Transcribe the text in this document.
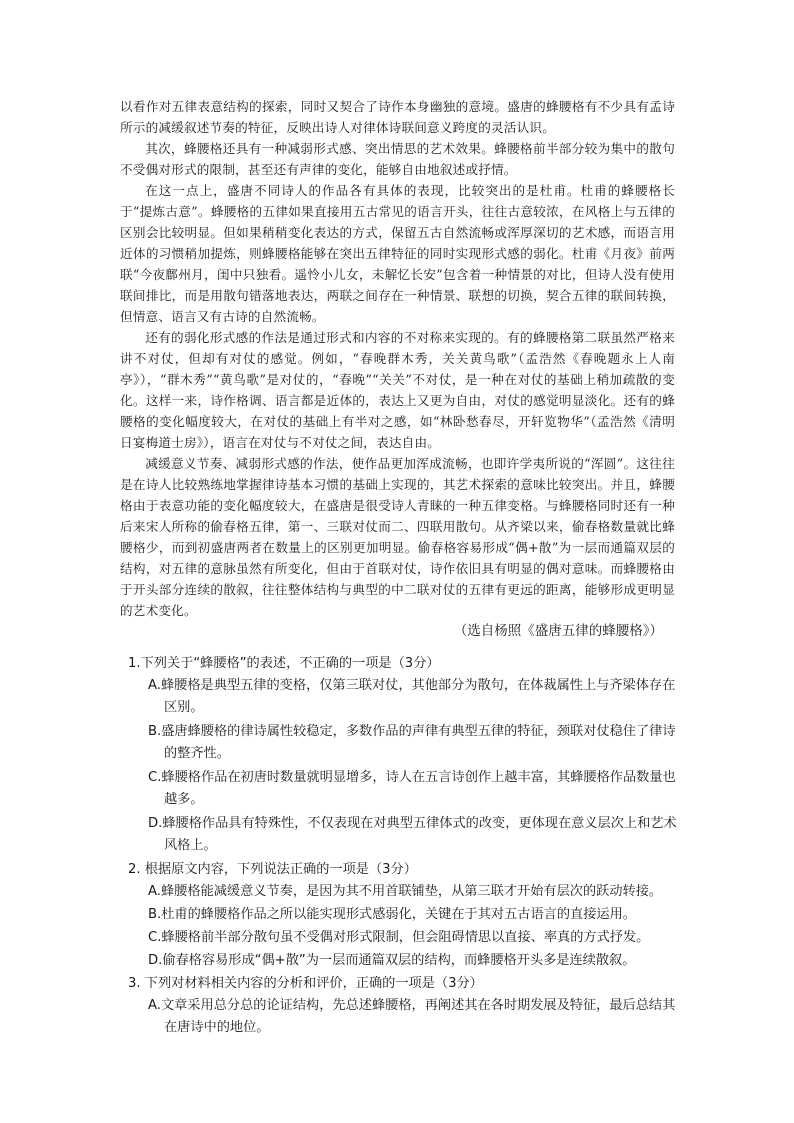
以看作对五律表意结构的探索，同时又契合了诗作本身幽独的意境。盛唐的蜂腰格有不少具有孟诗所示的减缓叙述节奏的特征，反映出诗人对律体诗联间意义跨度的灵活认识。

其次，蜂腰格还具有一种减弱形式感、突出情思的艺术效果。蜂腰格前半部分较为集中的散句不受偶对形式的限制，甚至还有声律的变化，能够自由地叙述或抒情。

在这一点上，盛唐不同诗人的作品各有具体的表现，比较突出的是杜甫。杜甫的蜂腰格长于“提炼古意”。蜂腰格的五律如果直接用五古常见的语言开头，往往古意较浓，在风格上与五律的区别会比较明显。但如果稍稍变化表达的方式，保留五古自然流畅或浑厚深切的艺术感，而语言用近体的习惯稍加提炼，则蜂腰格能够在突出五律特征的同时实现形式感的弱化。杜甫《月夜》前两联“今夜鄜州月，闺中只独看。遥怜小儿女，未解忆长安”包含着一种情景的对比，但诗人没有使用联间排比，而是用散句错落地表达，两联之间存在一种情景、联想的切换，契合五律的联间转换，但情意、语言又有古诗的自然流畅。

还有的弱化形式感的作法是通过形式和内容的不对称来实现的。有的蜂腰格第二联虽然严格来讲不对仗，但却有对仗的感觉。例如，“春晚群木秀，关关黄鸟歌”（孟浩然《春晚题永上人南亭》），“群木秀”“黄鸟歌”是对仗的，“春晚”“关关”不对仗，是一种在对仗的基础上稍加疏散的变化。这样一来，诗作格调、语言都是近体的，表达上又更为自由，对仗的感觉明显淡化。还有的蜂腰格的变化幅度较大，在对仗的基础上有半对之感，如“林卧愁春尽，开轩览物华”（孟浩然《清明日宴梅道士房》），语言在对仗与不对仗之间，表达自由。

减缓意义节奏、减弱形式感的作法，使作品更加浑成流畅，也即许学夷所说的“浑圆”。这往往是在诗人比较熟练地掌握律诗基本习惯的基础上实现的，其艺术探索的意味比较突出。并且，蜂腰格由于表意功能的变化幅度较大，在盛唐是很受诗人青睐的一种五律变格。与蜂腰格同时还有一种后来宋人所称的偷春格五律，第一、三联对仗而二、四联用散句。从齐梁以来，偷春格数量就比蜂腰格少，而到初盛唐两者在数量上的区别更加明显。偷春格容易形成“偶+散”为一层而通篇双层的结构，对五律的意脉虽然有所变化，但由于首联对仗，诗作依旧具有明显的偶对意味。而蜂腰格由于开头部分连续的散叙，往往整体结构与典型的中二联对仗的五律有更远的距离，能够形成更明显的艺术变化。

（选自杨照《盛唐五律的蜂腰格》）

1.下列关于“蜂腰格”的表述，不正确的一项是（3分）

A.蜂腰格是典型五律的变格，仅第三联对仗，其他部分为散句，在体裁属性上与齐梁体存在区别。

B.盛唐蜂腰格的律诗属性较稳定，多数作品的声律有典型五律的特征，颈联对仗稳住了律诗的整齐性。

C.蜂腰格作品在初唐时数量就明显增多，诗人在五言诗创作上越丰富，其蜂腰格作品数量也越多。

D.蜂腰格作品具有特殊性，不仅表现在对典型五律体式的改变，更体现在意义层次上和艺术风格上。

2. 根据原文内容，下列说法正确的一项是（3分）

A.蜂腰格能减缓意义节奏，是因为其不用首联铺垫，从第三联才开始有层次的跃动转接。

B.杜甫的蜂腰格作品之所以能实现形式感弱化，关键在于其对五古语言的直接运用。

C.蜂腰格前半部分散句虽不受偶对形式限制，但会阻碍情思以直接、率真的方式抒发。

D.偷春格容易形成“偶+散”为一层而通篇双层的结构，而蜂腰格开头多是连续散叙。

3. 下列对材料相关内容的分析和评价，正确的一项是（3分）

A.文章采用总分总的论证结构，先总述蜂腰格，再阐述其在各时期发展及特征，最后总结其在唐诗中的地位。
